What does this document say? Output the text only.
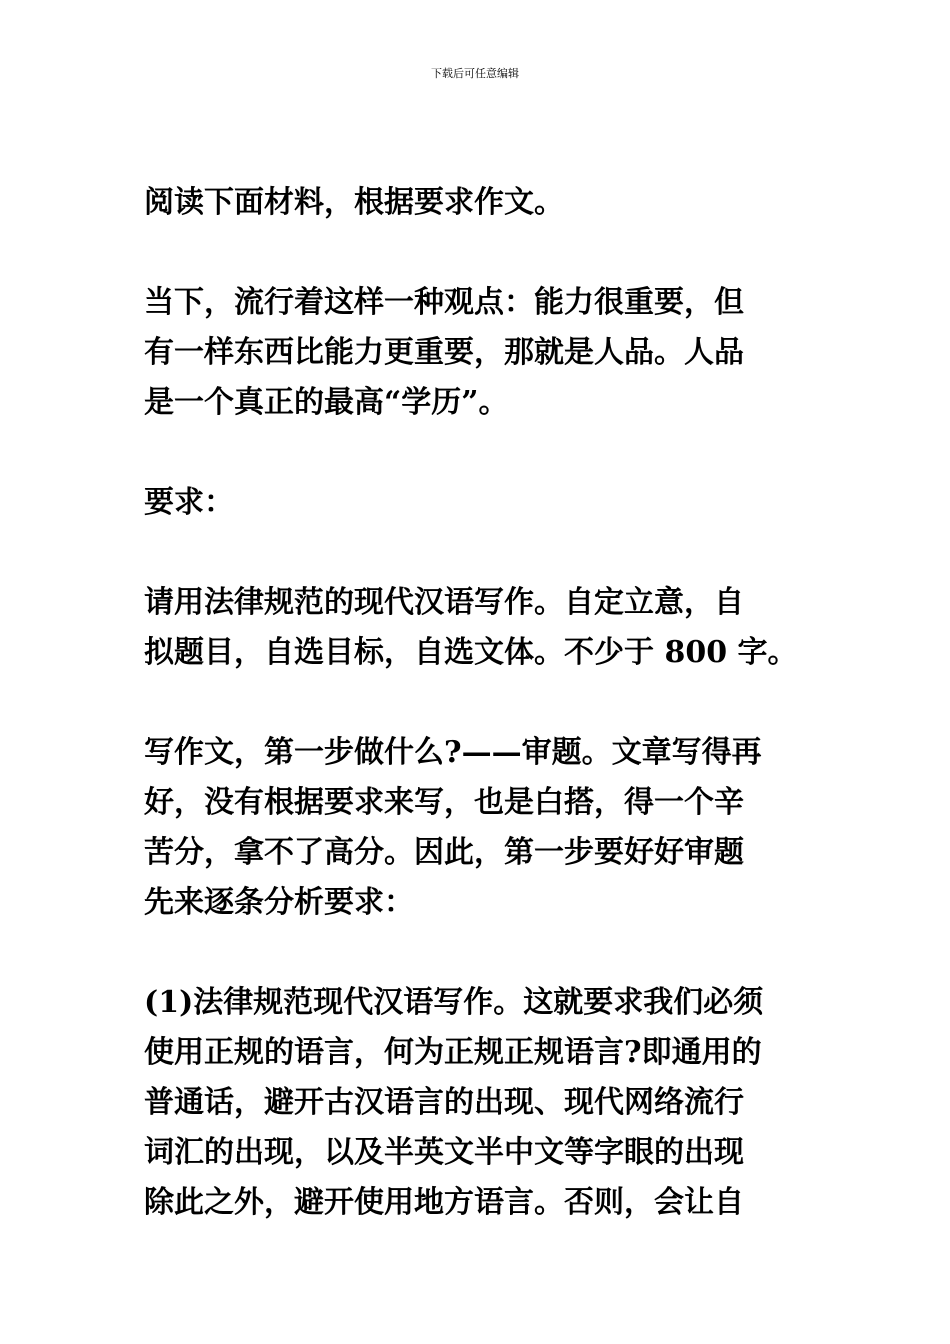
下载后可任意编辑

阅读下面材料，根据要求作文。

当下，流行着这样一种观点：能力很重要，但
有一样东西比能力更重要，那就是人品。人品
是一个真正的最高“学历”。

要求：

请用法律规范的现代汉语写作。自定立意，自
拟题目，自选目标，自选文体。不少于 800 字。

写作文，第一步做什么?——审题。文章写得再
好，没有根据要求来写，也是白搭，得一个辛
苦分，拿不了高分。因此，第一步要好好审题
先来逐条分析要求：

(1)法律规范现代汉语写作。这就要求我们必须
使用正规的语言，何为正规正规语言?即通用的
普通话，避开古汉语言的出现、现代网络流行
词汇的出现，以及半英文半中文等字眼的出现
除此之外，避开使用地方语言。否则，会让自
